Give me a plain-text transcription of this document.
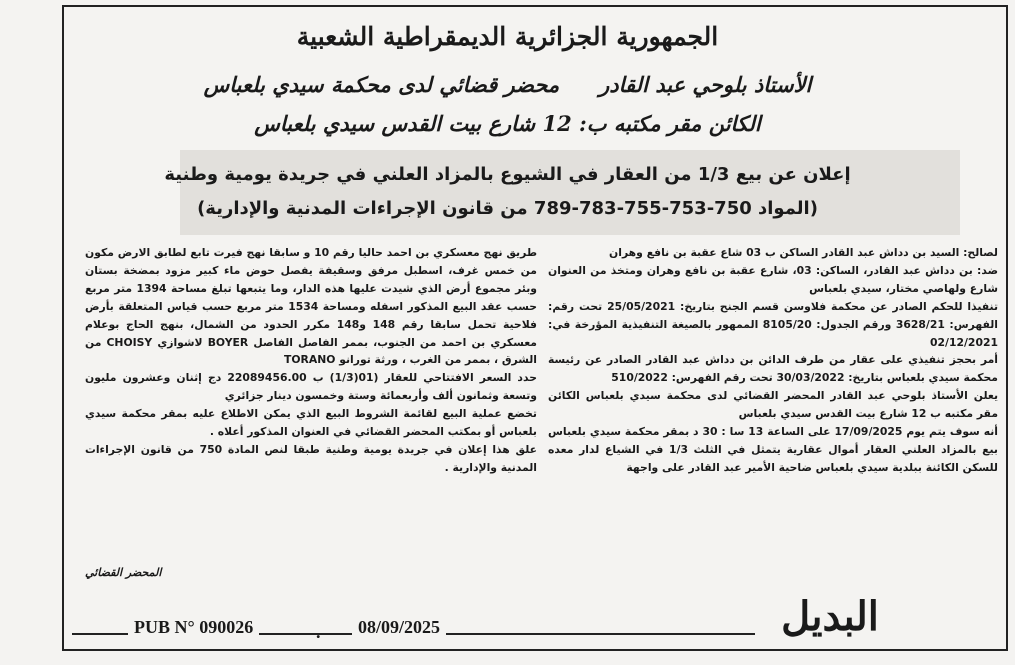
الجمهورية الجزائرية الديمقراطية الشعبية
الأستاذ بلوحي عبد القادرمحضر قضائي لدى محكمة سيدي بلعباس
الكائن مقر مكتبه ب: 12 شارع بيت القدس سيدي بلعباس
إعلان عن بيع 1/3 من العقار في الشيوع بالمزاد العلني في جريدة يومية وطنية
(المواد 750-753-755-783-789 من قانون الإجراءات المدنية والإدارية)

لصالح: السيد بن دداش عبد القادر الساكن ب 03 شاع عقبة بن نافع وهران

ضد: بن دداش عبد القادر، الساكن: 03، شارع عقبة بن نافع وهران ومتخذ من العنوان شارع ولهاصي مختار، سيدي بلعباس

تنفيذا للحكم الصادر عن محكمة فلاوسن قسم الجنح بتاريخ: 25/05/2021 تحت رقم: الفهرس: 3628/21 ورقم الجدول: 8105/20 الممهور بالصيغة التنفيذية المؤرخة في: 02/12/2021

أمر بحجز تنفيذي على عقار من طرف الدائن بن دداش عبد القادر الصادر عن رئيسة محكمة سيدي بلعباس بتاريخ: 30/03/2022 تحت رقم الفهرس: 510/2022

يعلن الأستاذ بلوحي عبد القادر المحضر القضائي لدى محكمة سيدي بلعباس الكائن مقر مكتبه ب 12 شارع بيت القدس سيدي بلعباس

أنه سوف يتم يوم 17/09/2025 على الساعة 13 سا : 30 د بمقر محكمة سيدي بلعباس بيع بالمزاد العلني العقار أموال عقارية يتمثل في الثلث 1/3 في الشياع لدار معده للسكن الكائنة ببلدية سيدي بلعباس ضاحية الأمير عبد القادر على واجهة

طريق نهج معسكري بن احمد حاليا رقم 10 و سابقا نهج فيرت تابع لطابق الارض مكون من خمس غرف، اسطبل مرفق وسقيفة يفصل حوض ماء كبير مزود بمضخة بستان وبئر مجموع أرض الذي شيدت عليها هذه الدار، وما يتبعها تبلغ مساحة 1394 متر مربع حسب عقد البيع المذكور اسفله ومساحة 1534 متر مربع حسب قياس المتعلقة بأرض فلاحية تحمل سابقا رقم 148 و148 مكرر الحدود من الشمال، بنهج الحاج بوعلام معسكري بن احمد من الجنوب، بممر الفاصل الفاصل BOYER لاشوازي CHOISY من الشرق ، بممر من الغرب ، ورثة تورانو TORANO

حدد السعر الافتتاحي للعقار (01(1/3) ب 22089456.00 دج إثنان وعشرون مليون وتسعة وثمانون ألف وأربعمائة وستة وخمسون دينار جزائري

تخضع عملية البيع لقائمة الشروط البيع الذي يمكن الاطلاع عليه بمقر محكمة سيدي بلعباس أو بمكتب المحضر القضائي في العنوان المذكور أعلاه .

علق هذا إعلان في جريدة يومية وطنية طبقا لنص المادة 750 من قانون الإجراءات المدنية والإدارية .

المحضر القضائي
البديل
PUB N° 090026	.	08/09/2025
